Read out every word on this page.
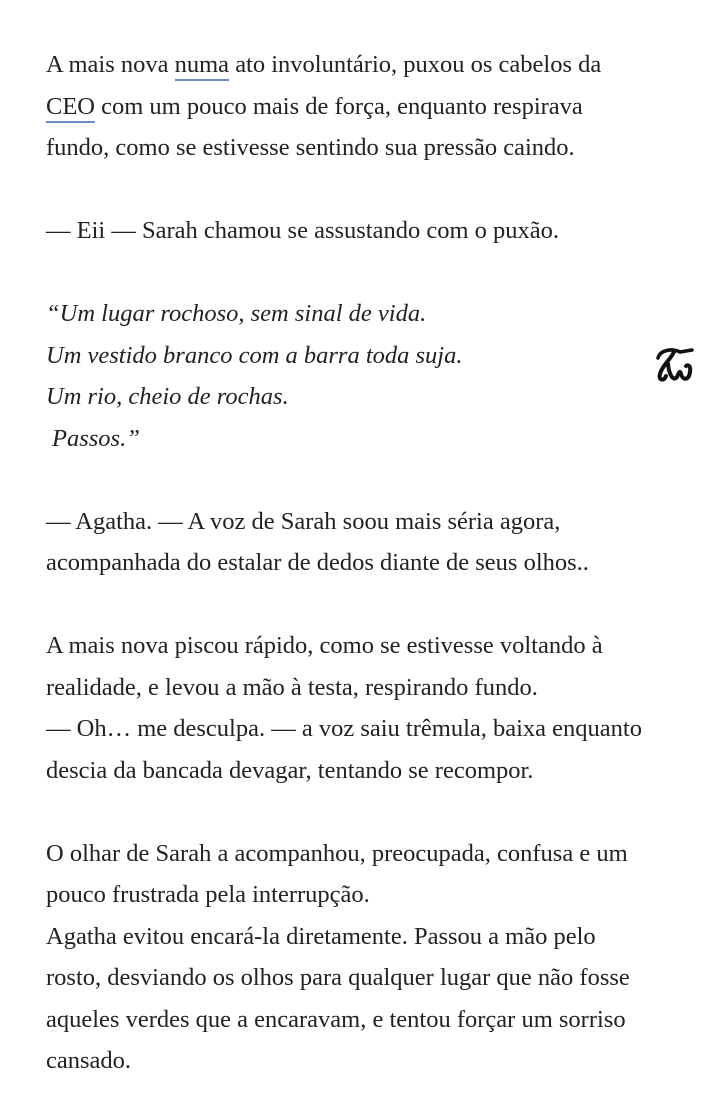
A mais nova numa ato involuntário, puxou os cabelos da
CEO com um pouco mais de força, enquanto respirava
fundo, como se estivesse sentindo sua pressão caindo.
— Eii — Sarah chamou se assustando com o puxão.
“Um lugar rochoso, sem sinal de vida.
Um vestido branco com a barra toda suja.
Um rio, cheio de rochas.
Passos.”
— Agatha. — A voz de Sarah soou mais séria agora,
acompanhada do estalar de dedos diante de seus olhos..
A mais nova piscou rápido, como se estivesse voltando à
realidade, e levou a mão à testa, respirando fundo.
— Oh… me desculpa. — a voz saiu trêmula, baixa enquanto
descia da bancada devagar, tentando se recompor.
O olhar de Sarah a acompanhou, preocupada, confusa e um
pouco frustrada pela interrupção.
Agatha evitou encará-la diretamente. Passou a mão pelo
rosto, desviando os olhos para qualquer lugar que não fosse
aqueles verdes que a encaravam, e tentou forçar um sorriso
cansado.
